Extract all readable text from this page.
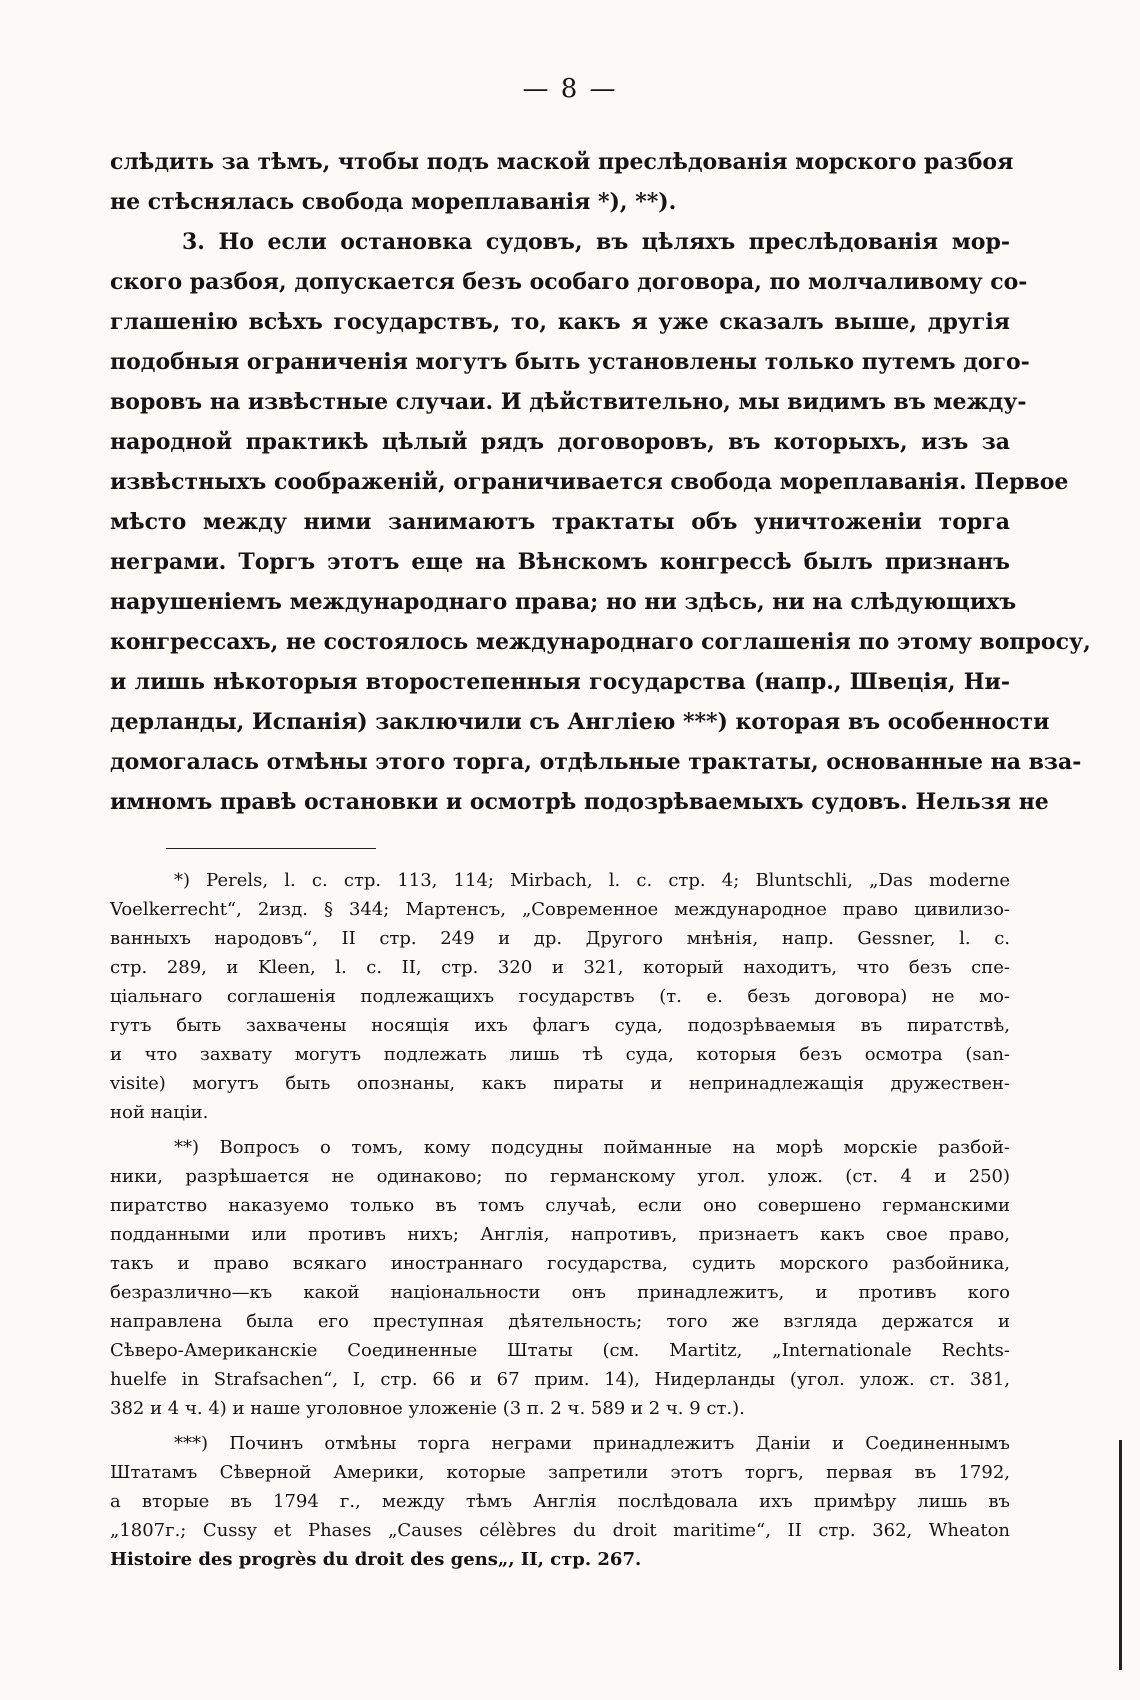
— 8 —
слѣдить за тѣмъ, чтобы подъ маской преслѣдованія морского разбоя
не стѣснялась свобода мореплаванія *), **).
3. Но если остановка судовъ, въ цѣляхъ преслѣдованія мор-
ского разбоя, допускается безъ особаго договора, по молчаливому со-
глашенію всѣхъ государствъ, то, какъ я уже сказалъ выше, другія
подобныя ограниченія могутъ быть установлены только путемъ дого-
воровъ на извѣстные случаи. И дѣйствительно, мы видимъ въ между-
народной практикѣ цѣлый рядъ договоровъ, въ которыхъ, изъ за
извѣстныхъ соображеній, ограничивается свобода мореплаванія. Первое
мѣсто между ними занимаютъ трактаты объ уничтоженіи торга
неграми. Торгъ этотъ еще на Вѣнскомъ конгрессѣ былъ признанъ
нарушеніемъ международнаго права; но ни здѣсь, ни на слѣдующихъ
конгрессахъ, не состоялось международнаго соглашенія по этому вопросу,
и лишь нѣкоторыя второстепенныя государства (напр., Швеція, Ни-
дерланды, Испанія) заключили съ Англіею ***) которая въ особенности
домогалась отмѣны этого торга, отдѣльные трактаты, основанные на вза-
имномъ правѣ остановки и осмотрѣ подозрѣваемыхъ судовъ. Нельзя не
*) Perels, l. c. стр. 113, 114; Mirbach, l. c. стр. 4; Bluntschli, „Das moderne
Voelkerrecht“, 2изд. § 344; Мартенсъ, „Современное международное право цивилизо-
ванныхъ народовъ“, II стр. 249 и др. Другого мнѣнія, напр. Gessner, l. c.
стр. 289, и Kleen, l. c. II, стр. 320 и 321, который находитъ, что безъ спе-
ціальнаго соглашенія подлежащихъ государствъ (т. е. безъ договора) не мо-
гутъ быть захвачены носящія ихъ флагъ суда, подозрѣваемыя въ пиратствѣ,
и что захвату могутъ подлежать лишь тѣ суда, которыя безъ осмотра (san-
visite) могутъ быть опознаны, какъ пираты и непринадлежащія дружествен-
ной націи.
**) Вопросъ о томъ, кому подсудны пойманные на морѣ морскіе разбой-
ники, разрѣшается не одинаково; по германскому угол. улож. (ст. 4 и 250)
пиратство наказуемо только въ томъ случаѣ, если оно совершено германскими
подданными или противъ нихъ; Англія, напротивъ, признаетъ какъ свое право,
такъ и право всякаго иностраннаго государства, судить морского разбойника,
безразлично—къ какой національности онъ принадлежитъ, и противъ кого
направлена была его преступная дѣятельность; того же взгляда держатся и
Сѣверо-Американскіе Соединенные Штаты (см. Martitz, „Internationale Rechts-
huelfe in Strafsachen“, I, стр. 66 и 67 прим. 14), Нидерланды (угол. улож. ст. 381,
382 и 4 ч. 4) и наше уголовное уложеніе (3 п. 2 ч. 589 и 2 ч. 9 ст.).
***) Починъ отмѣны торга неграми принадлежитъ Даніи и Соединеннымъ
Штатамъ Сѣверной Америки, которые запретили этотъ торгъ, первая въ 1792,
а вторые въ 1794 г., между тѣмъ Англія послѣдовала ихъ примѣру лишь въ
„1807г.; Cussy et Phases „Causes célèbres du droit maritime“, II стр. 362, Wheaton
Histoire des progrès du droit des gens„, II, стр. 267.
